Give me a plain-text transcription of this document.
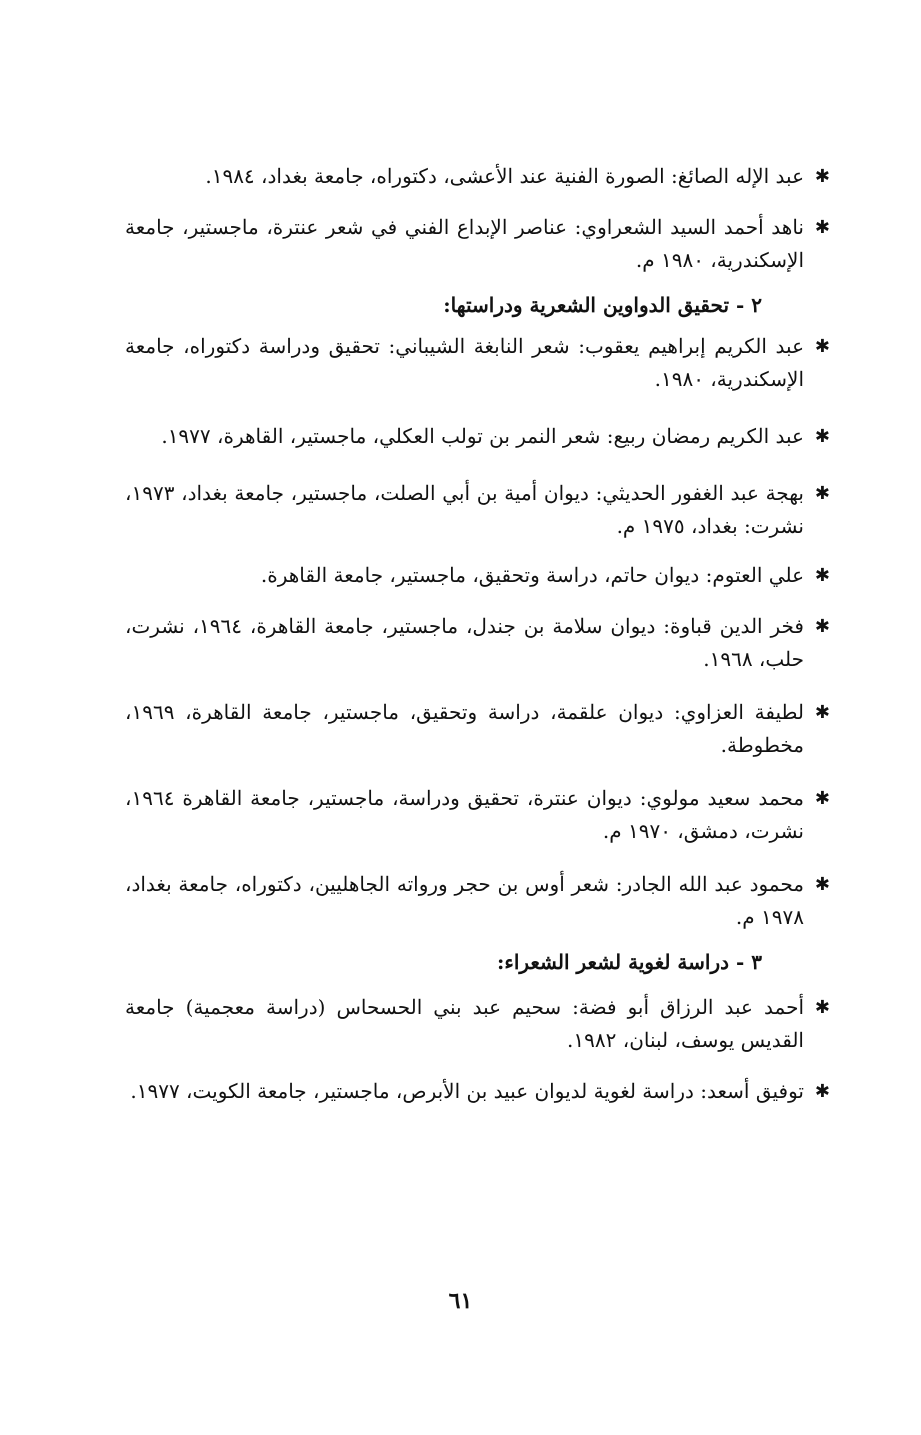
✱
عبد الإله الصائغ: الصورة الفنية عند الأعشى، دكتوراه، جامعة بغداد، ١٩٨٤.
✱
ناهد أحمد السيد الشعراوي: عناصر الإبداع الفني في شعر عنترة، ماجستير، جامعة الإسكندرية، ١٩٨٠ م.
٢ - تحقيق الدواوين الشعرية ودراستها:
✱
عبد الكريم إبراهيم يعقوب: شعر النابغة الشيباني: تحقيق ودراسة دكتوراه، جامعة الإسكندرية، ١٩٨٠.
✱
عبد الكريم رمضان ربيع: شعر النمر بن تولب العكلي، ماجستير، القاهرة، ١٩٧٧.
✱
بهجة عبد الغفور الحديثي: ديوان أمية بن أبي الصلت، ماجستير، جامعة بغداد، ١٩٧٣، نشرت: بغداد، ١٩٧٥ م.
✱
علي العتوم: ديوان حاتم، دراسة وتحقيق، ماجستير، جامعة القاهرة.
✱
فخر الدين قباوة: ديوان سلامة بن جندل، ماجستير، جامعة القاهرة، ١٩٦٤، نشرت، حلب، ١٩٦٨.
✱
لطيفة العزاوي: ديوان علقمة، دراسة وتحقيق، ماجستير، جامعة القاهرة، ١٩٦٩، مخطوطة.
✱
محمد سعيد مولوي: ديوان عنترة، تحقيق ودراسة، ماجستير، جامعة القاهرة ١٩٦٤، نشرت، دمشق، ١٩٧٠ م.
✱
محمود عبد الله الجادر: شعر أوس بن حجر ورواته الجاهليين، دكتوراه، جامعة بغداد، ١٩٧٨ م.
٣ - دراسة لغوية لشعر الشعراء:
✱
أحمد عبد الرزاق أبو فضة: سحيم عبد بني الحسحاس (دراسة معجمية) جامعة القديس يوسف، لبنان، ١٩٨٢.
✱
توفيق أسعد: دراسة لغوية لديوان عبيد بن الأبرص، ماجستير، جامعة الكويت، ١٩٧٧.
٦١
